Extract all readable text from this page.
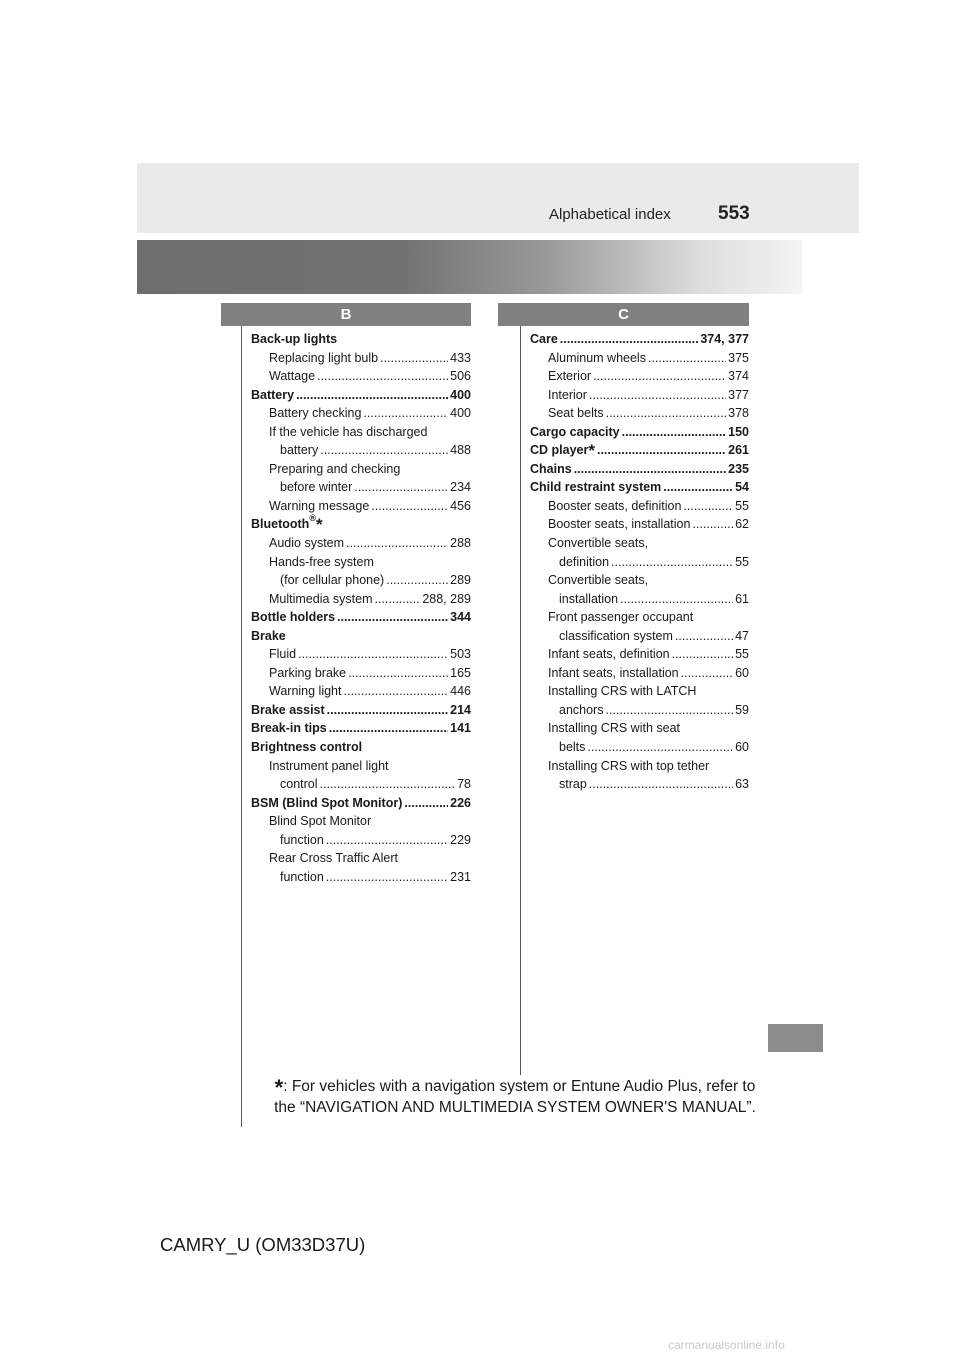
Alphabetical index 553
B	C
Back-up lights
Replacing light bulb .....	433
Wattage .....	506
Battery .....	400
Battery checking .....	400
If the vehicle has discharged
battery .....	488
Preparing and checking
before winter .....	234
Warning message .....	456
Bluetooth®*
Audio system .....	288
Hands-free system
(for cellular phone) .....	289
Multimedia system .....	288, 289
Bottle holders .....	344
Brake
Fluid .....	503
Parking brake .....	165
Warning light .....	446
Brake assist .....	214
Break-in tips .....	141
Brightness control
Instrument panel light
control .....	78
BSM (Blind Spot Monitor) .....	226
Blind Spot Monitor
function .....	229
Rear Cross Traffic Alert
function .....	231
Care .....	374, 377
Aluminum wheels .....	375
Exterior .....	374
Interior .....	377
Seat belts .....	378
Cargo capacity .....	150
CD player* .....	261
Chains .....	235
Child restraint system .....	54
Booster seats, definition .....	55
Booster seats, installation .....	62
Convertible seats,
definition .....	55
Convertible seats,
installation .....	61
Front passenger occupant
classification system .....	47
Infant seats, definition .....	55
Infant seats, installation .....	60
Installing CRS with LATCH
anchors .....	59
Installing CRS with seat
belts .....	60
Installing CRS with top tether
strap .....	63
*: For vehicles with a navigation system or Entune Audio Plus, refer to the “NAVIGATION AND MULTIMEDIA SYSTEM OWNER'S MANUAL”.
CAMRY_U (OM33D37U)
carmanualsonline.info
